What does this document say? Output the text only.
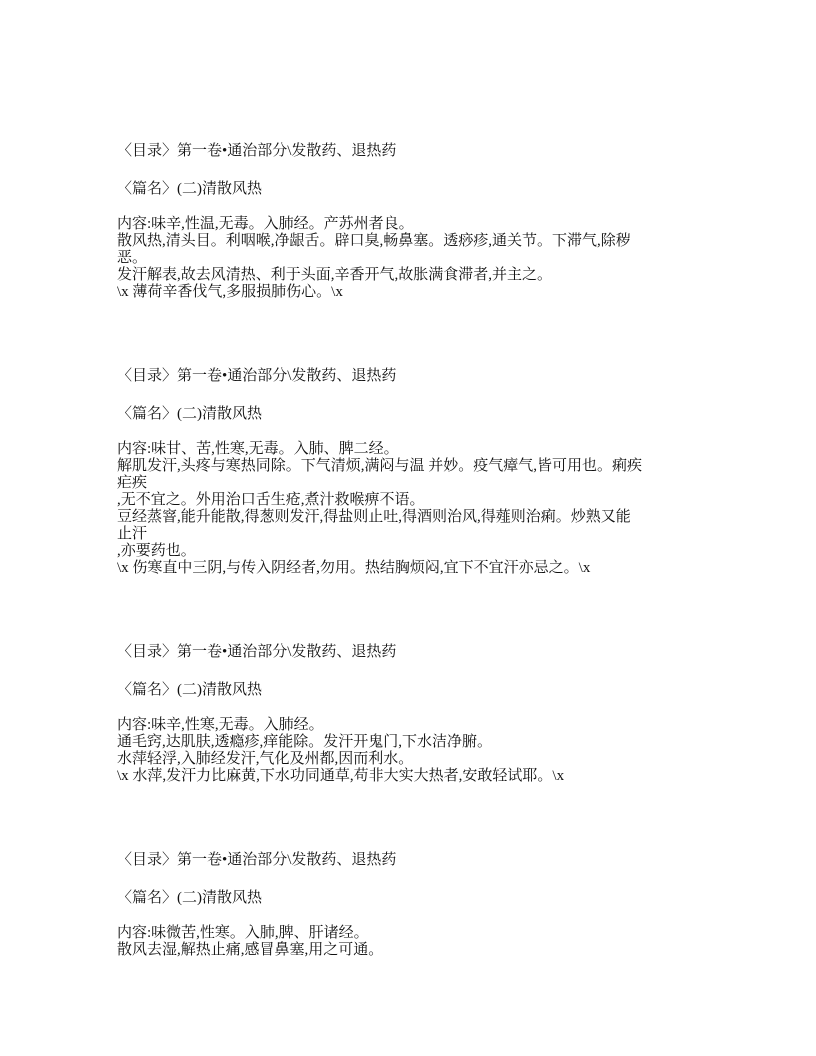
〈目录〉第一卷•通治部分\发散药、退热药
〈篇名〉(二)清散风热
内容:味辛,性温,无毒。入肺经。产苏州者良。
散风热,清头目。利咽喉,净龈舌。辟口臭,畅鼻塞。透痧疹,通关节。下滞气,除秽
恶。
发汗解表,故去风清热、利于头面,辛香开气,故胀满食滞者,并主之。
\x 薄荷辛香伐气,多服损肺伤心。\x
〈目录〉第一卷•通治部分\发散药、退热药
〈篇名〉(二)清散风热
内容:味甘、苦,性寒,无毒。入肺、脾二经。
解肌发汗,头疼与寒热同除。下气清烦,满闷与温 并妙。疫气瘴气,皆可用也。痢疾
疟疾
,无不宜之。外用治口舌生疮,煮汁救喉痹不语。
豆经蒸窨,能升能散,得葱则发汗,得盐则止吐,得酒则治风,得薤则治痢。炒熟又能
止汗
,亦要药也。
\x 伤寒直中三阴,与传入阴经者,勿用。热结胸烦闷,宜下不宜汗亦忌之。\x
〈目录〉第一卷•通治部分\发散药、退热药
〈篇名〉(二)清散风热
内容:味辛,性寒,无毒。入肺经。
通毛窍,达肌肤,透瘾疹,痒能除。发汗开鬼门,下水洁净腑。
水萍轻浮,入肺经发汗,气化及州都,因而利水。
\x 水萍,发汗力比麻黄,下水功同通草,苟非大实大热者,安敢轻试耶。\x
〈目录〉第一卷•通治部分\发散药、退热药
〈篇名〉(二)清散风热
内容:味微苦,性寒。入肺,脾、肝诸经。
散风去湿,解热止痛,感冒鼻塞,用之可通。
